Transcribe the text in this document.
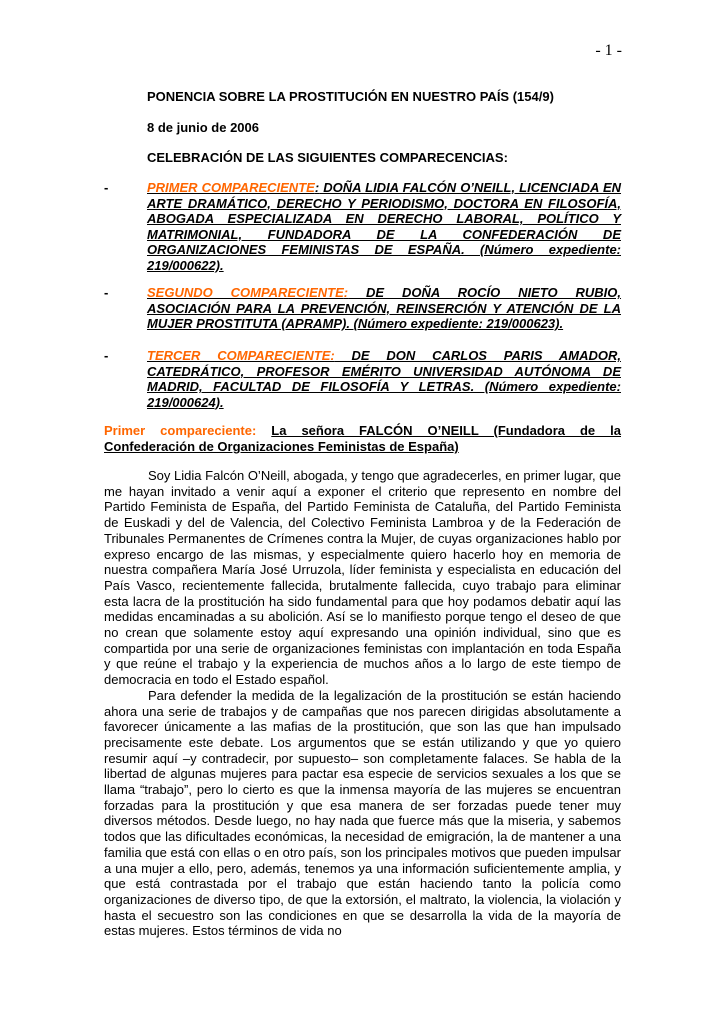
- 1 -
PONENCIA SOBRE LA PROSTITUCIÓN EN NUESTRO PAÍS (154/9)
8 de junio de 2006
CELEBRACIÓN DE LAS SIGUIENTES COMPARECENCIAS:
-	PRIMER COMPARECIENTE: DOÑA LIDIA FALCÓN O’NEILL, LICENCIADA EN ARTE DRAMÁTICO, DERECHO Y PERIODISMO, DOCTORA EN FILOSOFÍA, ABOGADA ESPECIALIZADA EN DERECHO LABORAL, POLÍTICO Y MATRIMONIAL, FUNDADORA DE LA CONFEDERACIÓN DE ORGANIZACIONES FEMINISTAS DE ESPAÑA. (Número expediente: 219/000622).
-	SEGUNDO COMPARECIENTE: DE DOÑA ROCÍO NIETO RUBIO, ASOCIACIÓN PARA LA PREVENCIÓN, REINSERCIÓN Y ATENCIÓN DE LA MUJER PROSTITUTA (APRAMP). (Número expediente: 219/000623).
-	TERCER COMPARECIENTE: DE DON CARLOS PARIS AMADOR, CATEDRÁTICO, PROFESOR EMÉRITO UNIVERSIDAD AUTÓNOMA DE MADRID, FACULTAD DE FILOSOFÍA Y LETRAS. (Número expediente: 219/000624).
Primer compareciente: La señora FALCÓN O’NEILL (Fundadora de la Confederación de Organizaciones Feministas de España)

Soy Lidia Falcón O’Neill, abogada, y tengo que agradecerles, en primer lugar, que me hayan invitado a venir aquí a exponer el criterio que represento en nombre del Partido Feminista de España, del Partido Feminista de Cataluña, del Partido Feminista de Euskadi y del de Valencia, del Colectivo Feminista Lambroa y de la Federación de Tribunales Permanentes de Crímenes contra la Mujer, de cuyas organizaciones hablo por expreso encargo de las mismas, y especialmente quiero hacerlo hoy en memoria de nuestra compañera María José Urruzola, líder feminista y especialista en educación del País Vasco, recientemente fallecida, brutalmente fallecida, cuyo trabajo para eliminar esta lacra de la prostitución ha sido fundamental para que hoy podamos debatir aquí las medidas encaminadas a su abolición. Así se lo manifiesto porque tengo el deseo de que no crean que solamente estoy aquí expresando una opinión individual, sino que es compartida por una serie de organizaciones feministas con implantación en toda España y que reúne el trabajo y la experiencia de muchos años a lo largo de este tiempo de democracia en todo el Estado español.

Para defender la medida de la legalización de la prostitución se están haciendo ahora una serie de trabajos y de campañas que nos parecen dirigidas absolutamente a favorecer únicamente a las mafias de la prostitución, que son las que han impulsado precisamente este debate. Los argumentos que se están utilizando y que yo quiero resumir aquí –y contradecir, por supuesto– son completamente falaces. Se habla de la libertad de algunas mujeres para pactar esa especie de servicios sexuales a los que se llama “trabajo”, pero lo cierto es que la inmensa mayoría de las mujeres se encuentran forzadas para la prostitución y que esa manera de ser forzadas puede tener muy diversos métodos. Desde luego, no hay nada que fuerce más que la miseria, y sabemos todos que las dificultades económicas, la necesidad de emigración, la de mantener a una familia que está con ellas o en otro país, son los principales motivos que pueden impulsar a una mujer a ello, pero, además, tenemos ya una información suficientemente amplia, y que está contrastada por el trabajo que están haciendo tanto la policía como organizaciones de diverso tipo, de que la extorsión, el maltrato, la violencia, la violación y hasta el secuestro son las condiciones en que se desarrolla la vida de la mayoría de estas mujeres. Estos términos de vida no
